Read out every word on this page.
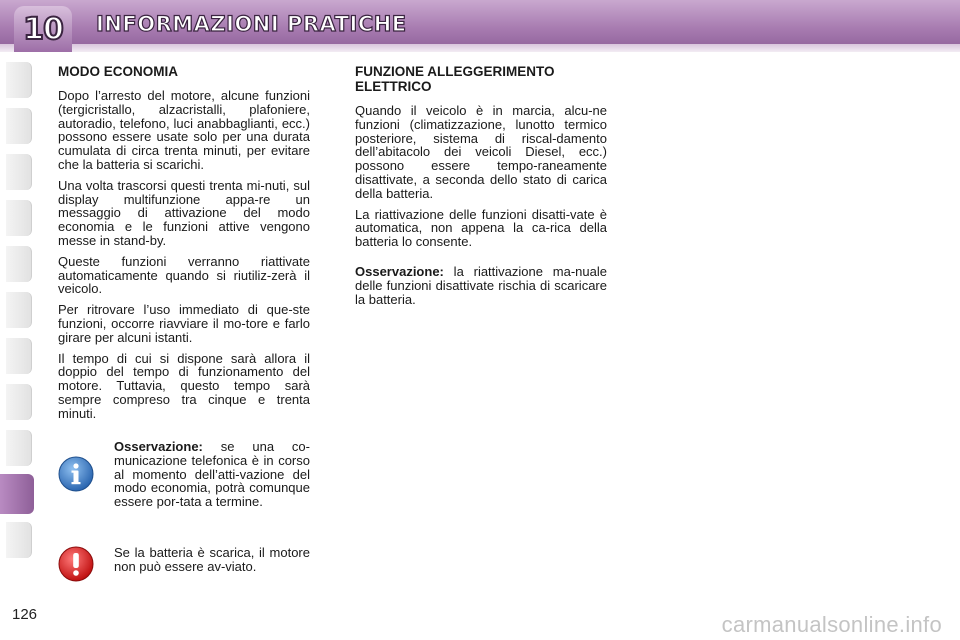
10 INFORMAZIONI PRATICHE
MODO ECONOMIA

Dopo l’arresto del motore, alcune funzioni (tergicristallo, alzacristalli, plafoniere, autoradio, telefono, luci anabbaglianti, ecc.) possono essere usate solo per una durata cumulata di circa trenta minuti, per evitare che la batteria si scarichi.

Una volta trascorsi questi trenta mi-nuti, sul display multifunzione appa-re un messaggio di attivazione del modo economia e le funzioni attive vengono messe in stand-by.

Queste funzioni verranno riattivate automaticamente quando si riutiliz-zerà il veicolo.

Per ritrovare l’uso immediato di que-ste funzioni, occorre riavviare il mo-tore e farlo girare per alcuni istanti.

Il tempo di cui si dispone sarà allora il doppio del tempo di funzionamento del motore. Tuttavia, questo tempo sarà sempre compreso tra cinque e trenta minuti.

Osservazione: se una co-municazione telefonica è in corso al momento dell’atti-vazione del modo economia, potrà comunque essere por-tata a termine.
Se la batteria è scarica, il motore non può essere av-viato.
FUNZIONE ALLEGGERIMENTO ELETTRICO

Quando il veicolo è in marcia, alcu-ne funzioni (climatizzazione, lunotto termico posteriore, sistema di riscal-damento dell’abitacolo dei veicoli Diesel, ecc.) possono essere tempo-raneamente disattivate, a seconda dello stato di carica della batteria.

La riattivazione delle funzioni disatti-vate è automatica, non appena la ca-rica della batteria lo consente.

Osservazione: la riattivazione ma-nuale delle funzioni disattivate rischia di scaricare la batteria.

126	carmanualsonline.info
